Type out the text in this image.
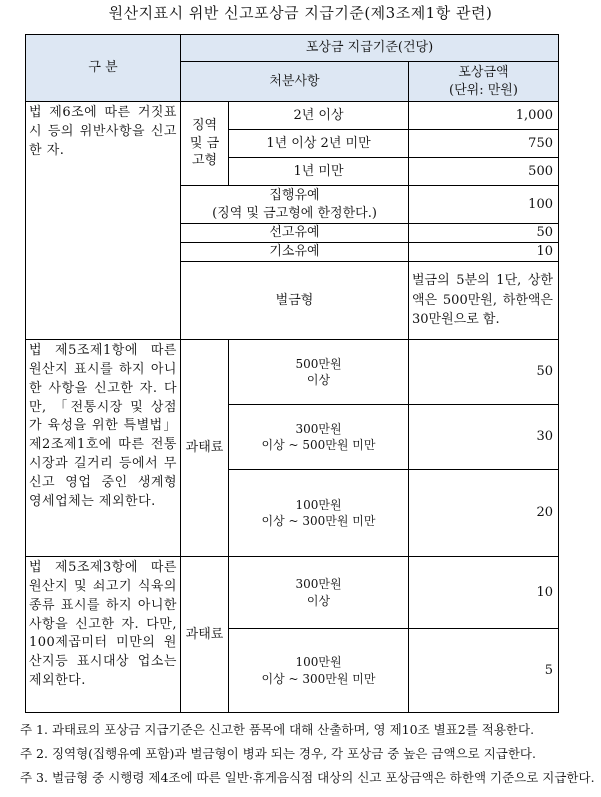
원산지표시 위반 신고포상금 지급기준(제3조제1항 관련)
구 분	포상금 지급기준(건당)		
	처분사항		포상금액
(단위: 만원)

법 제6조에 따른 거짓표시 등의 위반사항을 신고한 자.	징역 및 금고형	2년 이상	1,000
		1년 이상 2년 미만	750
		1년 미만	500

	집행유예
(징역 및 금고형에 한정한다.)		100
	선고유예		50
	기소유예		10
	벌금형		벌금의 5분의 1단, 상한액은 500만원, 하한액은 30만원으로 함.

법 제5조제1항에 따른 원산지 표시를 하지 아니한 사항을 신고한 자. 다만, 「전통시장 및 상점가 육성을 위한 특별법」 제2조제1호에 따른 전통시장과 길거리 등에서 무신고 영업 중인 생계형 영세업체는 제외한다.	과태료	500만원
이상	50

		300만원
이상 ~ 500만원 미만	30

		100만원
이상 ~ 300만원 미만	20
법 제5조제3항에 따른 원산지 및 쇠고기 식육의 종류 표시를 하지 아니한 사항을 신고한 자. 다만, 100제곱미터 미만의 원산지등 표시대상 업소는 제외한다.	과태료	300만원
이상	10

		100만원
이상 ~ 300만원 미만	5
주 1. 과태료의 포상금 지급기준은 신고한 품목에 대해 산출하며, 영 제10조 별표2를 적용한다.
주 2. 징역형(집행유예 포함)과 벌금형이 병과 되는 경우, 각 포상금 중 높은 금액으로 지급한다.
주 3. 벌금형 중 시행령 제4조에 따른 일반·휴게음식점 대상의 신고 포상금액은 하한액 기준으로 지급한다.
